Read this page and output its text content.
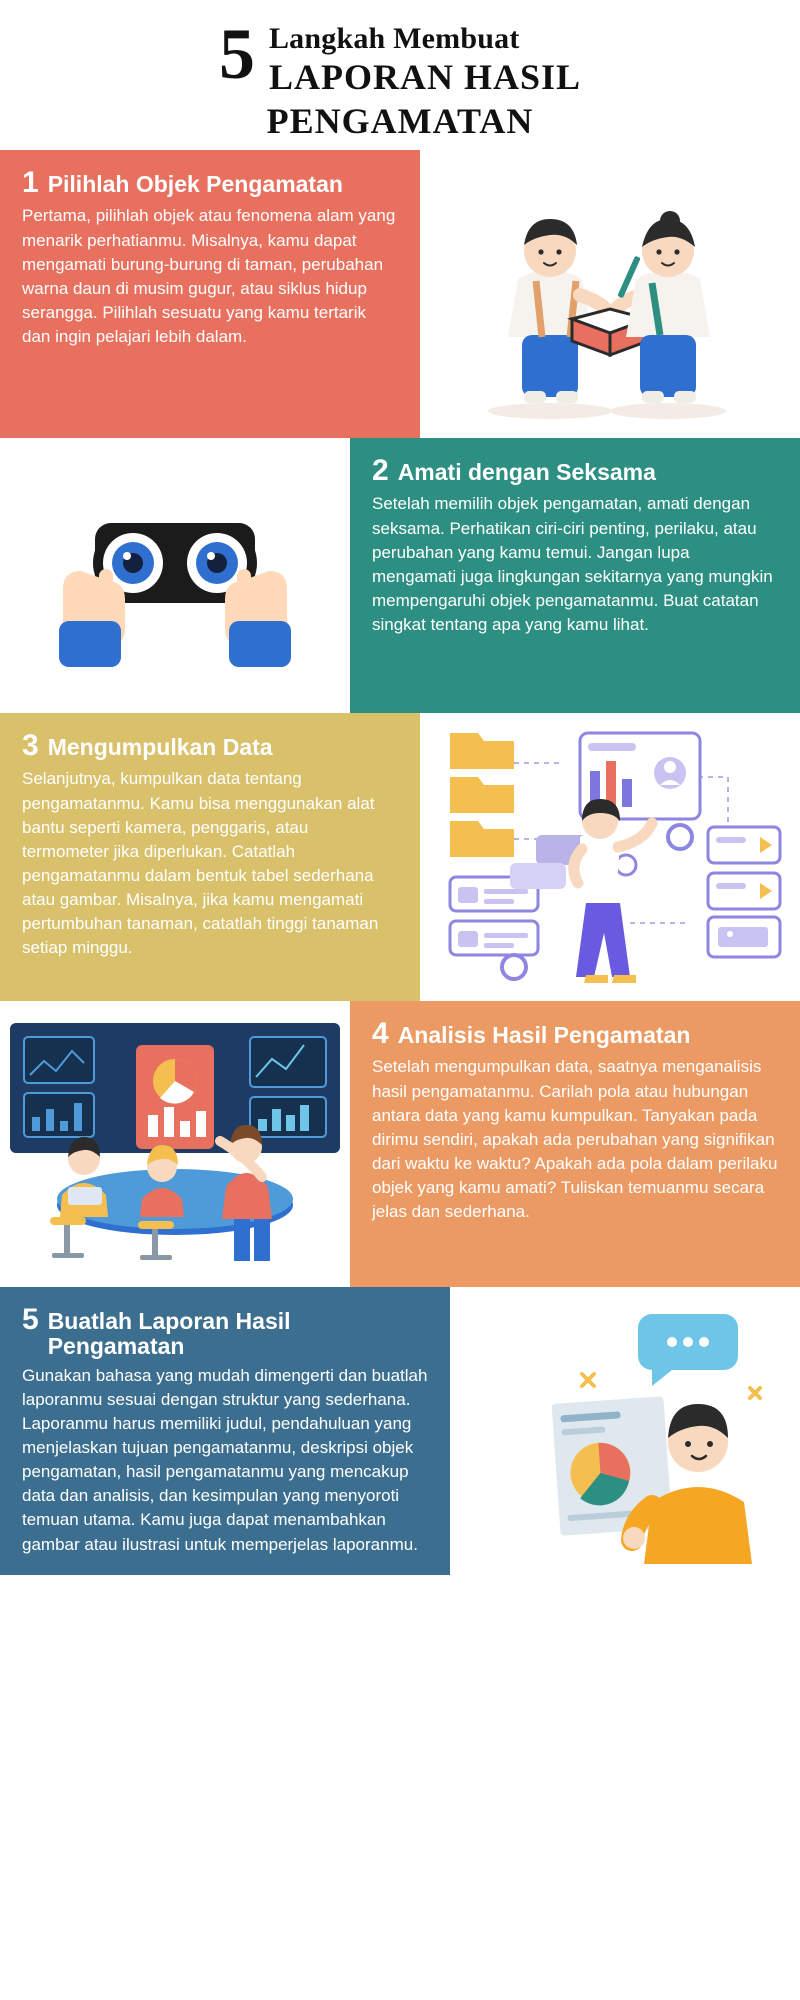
5 Langkah Membuat
LAPORAN HASIL
PENGAMATAN
1 Pilihlah Objek Pengamatan
Pertama, pilihlah objek atau fenomena alam yang menarik perhatianmu. Misalnya, kamu dapat mengamati burung-burung di taman, perubahan warna daun di musim gugur, atau siklus hidup serangga. Pilihlah sesuatu yang kamu tertarik dan ingin pelajari lebih dalam.
2 Amati dengan Seksama
Setelah memilih objek pengamatan, amati dengan seksama. Perhatikan ciri-ciri penting, perilaku, atau perubahan yang kamu temui. Jangan lupa mengamati juga lingkungan sekitarnya yang mungkin mempengaruhi objek pengamatanmu. Buat catatan singkat tentang apa yang kamu lihat.
3 Mengumpulkan Data
Selanjutnya, kumpulkan data tentang pengamatanmu. Kamu bisa menggunakan alat bantu seperti kamera, penggaris, atau termometer jika diperlukan. Catatlah pengamatanmu dalam bentuk tabel sederhana atau gambar. Misalnya, jika kamu mengamati pertumbuhan tanaman, catatlah tinggi tanaman setiap minggu.
4 Analisis Hasil Pengamatan
Setelah mengumpulkan data, saatnya menganalisis hasil pengamatanmu. Carilah pola atau hubungan antara data yang kamu kumpulkan. Tanyakan pada dirimu sendiri, apakah ada perubahan yang signifikan dari waktu ke waktu? Apakah ada pola dalam perilaku objek yang kamu amati? Tuliskan temuanmu secara jelas dan sederhana.
5 Buatlah Laporan Hasil Pengamatan
Gunakan bahasa yang mudah dimengerti dan buatlah laporanmu sesuai dengan struktur yang sederhana. Laporanmu harus memiliki judul, pendahuluan yang menjelaskan tujuan pengamatanmu, deskripsi objek pengamatan, hasil pengamatanmu yang mencakup data dan analisis, dan kesimpulan yang menyoroti temuan utama. Kamu juga dapat menambahkan gambar atau ilustrasi untuk memperjelas laporanmu.
